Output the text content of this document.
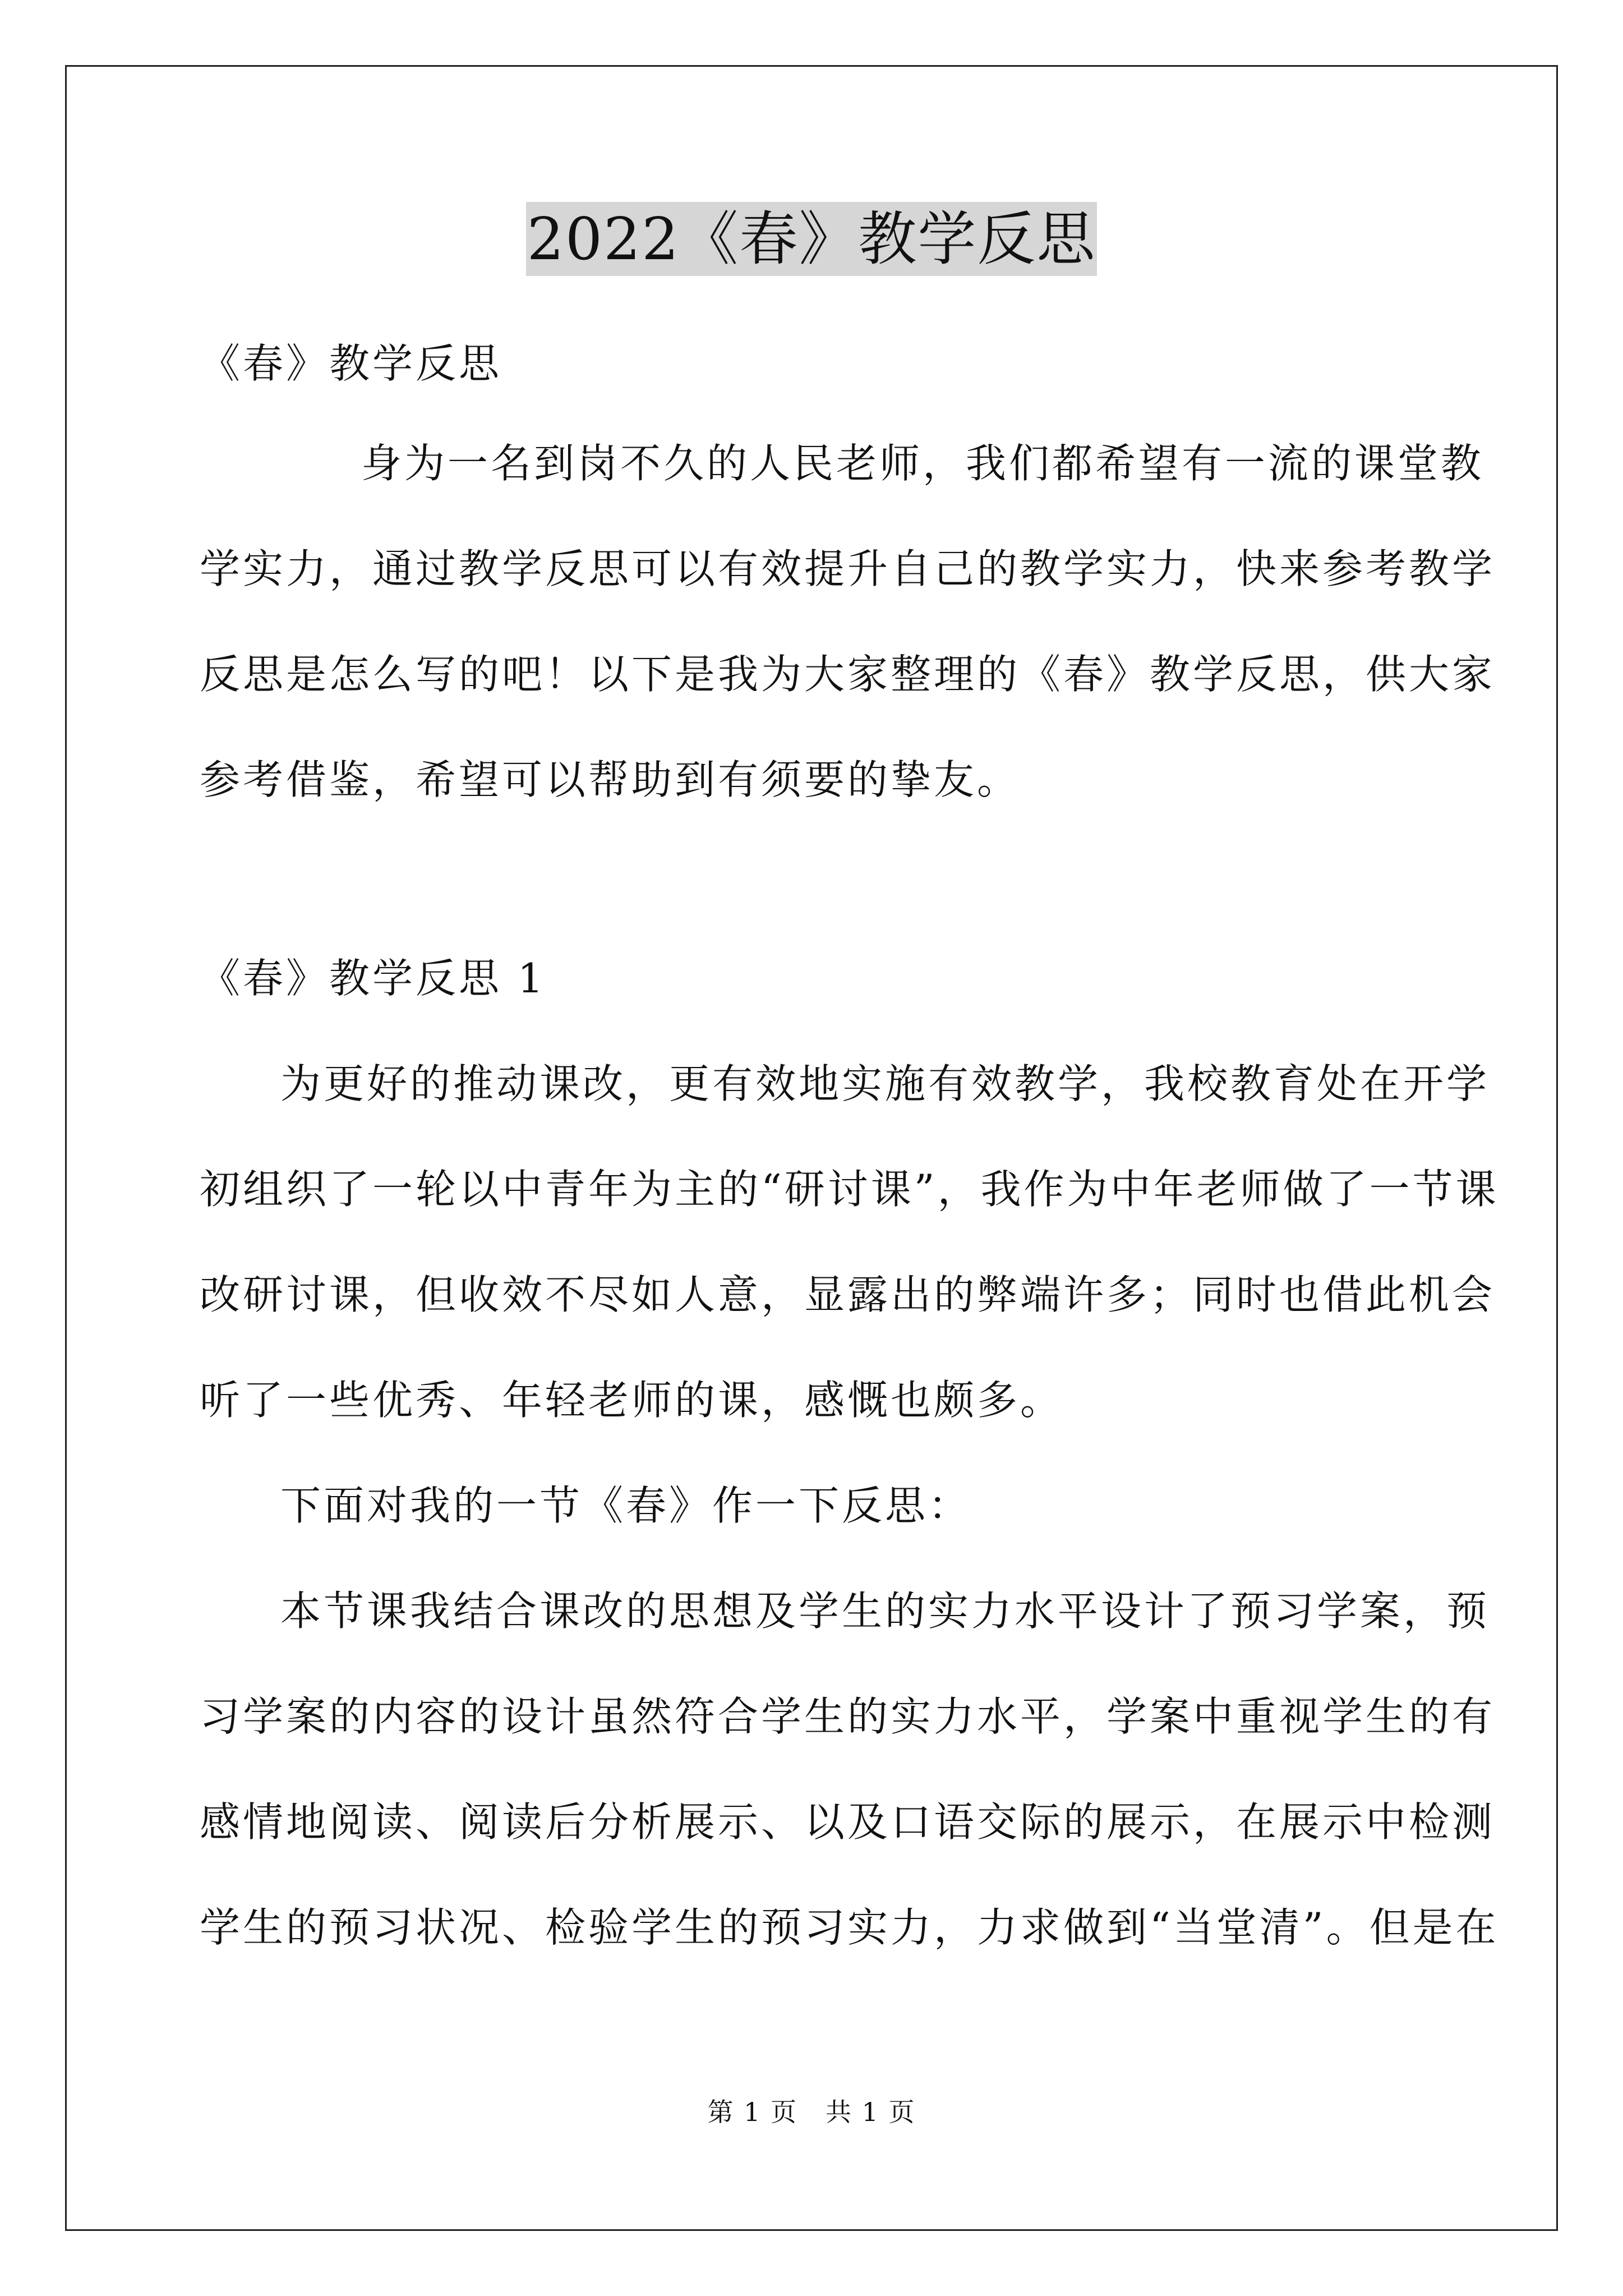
2022《春》教学反思
《春》教学反思
身为一名到岗不久的人民老师，我们都希望有一流的课堂教
学实力，通过教学反思可以有效提升自己的教学实力，快来参考教学
反思是怎么写的吧！以下是我为大家整理的《春》教学反思，供大家
参考借鉴，希望可以帮助到有须要的挚友。
《春》教学反思 1
为更好的推动课改，更有效地实施有效教学，我校教育处在开学
初组织了一轮以中青年为主的“研讨课”，我作为中年老师做了一节课
改研讨课，但收效不尽如人意，显露出的弊端许多；同时也借此机会
听了一些优秀、年轻老师的课，感慨也颇多。
下面对我的一节《春》作一下反思：
本节课我结合课改的思想及学生的实力水平设计了预习学案，预
习学案的内容的设计虽然符合学生的实力水平，学案中重视学生的有
感情地阅读、阅读后分析展示、以及口语交际的展示，在展示中检测
学生的预习状况、检验学生的预习实力，力求做到“当堂清”。但是在
第 1 页 共 1 页
